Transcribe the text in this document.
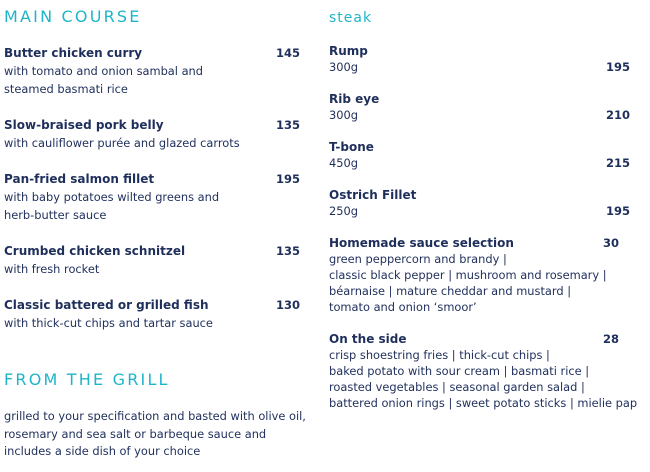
MAIN COURSE
Butter chicken curry	145
with tomato and onion sambal and
steamed basmati rice
Slow-braised pork belly	135
with cauliflower purée and glazed carrots
Pan-fried salmon fillet	195
with baby potatoes wilted greens and
herb-butter sauce
Crumbed chicken schnitzel	135
with fresh rocket
Classic battered or grilled fish	130
with thick-cut chips and tartar sauce
FROM THE GRILL
grilled to your specification and basted with olive oil,
rosemary and sea salt or barbeque sauce and
includes a side dish of your choice
steak
Rump
300g	195
Rib eye
300g	210
T-bone
450g	215
Ostrich Fillet
250g	195
Homemade sauce selection	30
green peppercorn and brandy |
classic black pepper | mushroom and rosemary |
béarnaise | mature cheddar and mustard |
tomato and onion ‘smoor’
On the side	28
crisp shoestring fries | thick-cut chips |
baked potato with sour cream | basmati rice |
roasted vegetables | seasonal garden salad |
battered onion rings | sweet potato sticks | mielie pap
